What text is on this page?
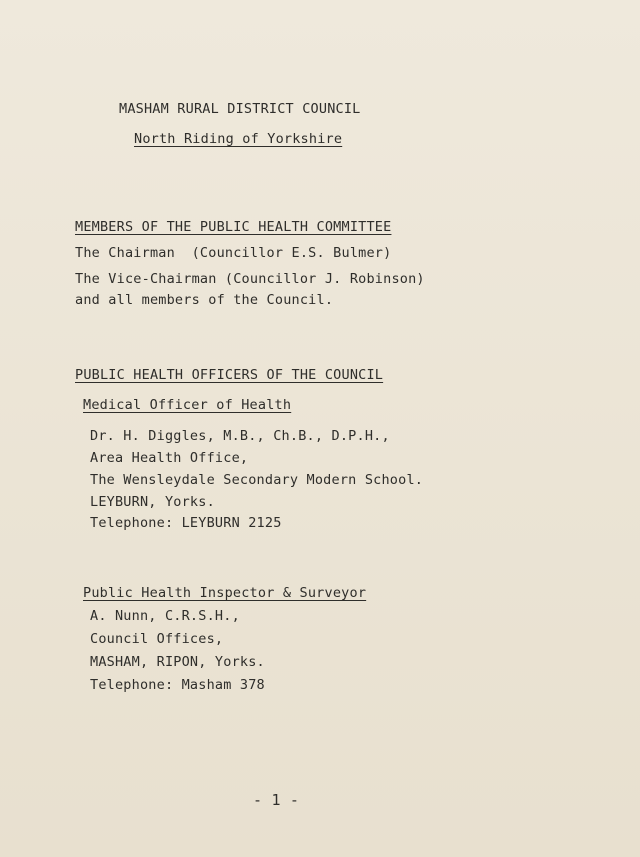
MASHAM RURAL DISTRICT COUNCIL
North Riding of Yorkshire
MEMBERS OF THE PUBLIC HEALTH COMMITTEE
The Chairman  (Councillor E.S. Bulmer)
The Vice-Chairman (Councillor J. Robinson)
and all members of the Council.
PUBLIC HEALTH OFFICERS OF THE COUNCIL
Medical Officer of Health
Dr. H. Diggles, M.B., Ch.B., D.P.H.,
Area Health Office,
The Wensleydale Secondary Modern School.
LEYBURN, Yorks.
Telephone: LEYBURN 2125
Public Health Inspector & Surveyor
A. Nunn, C.R.S.H.,
Council Offices,
MASHAM, RIPON, Yorks.
Telephone: Masham 378
- 1 -
